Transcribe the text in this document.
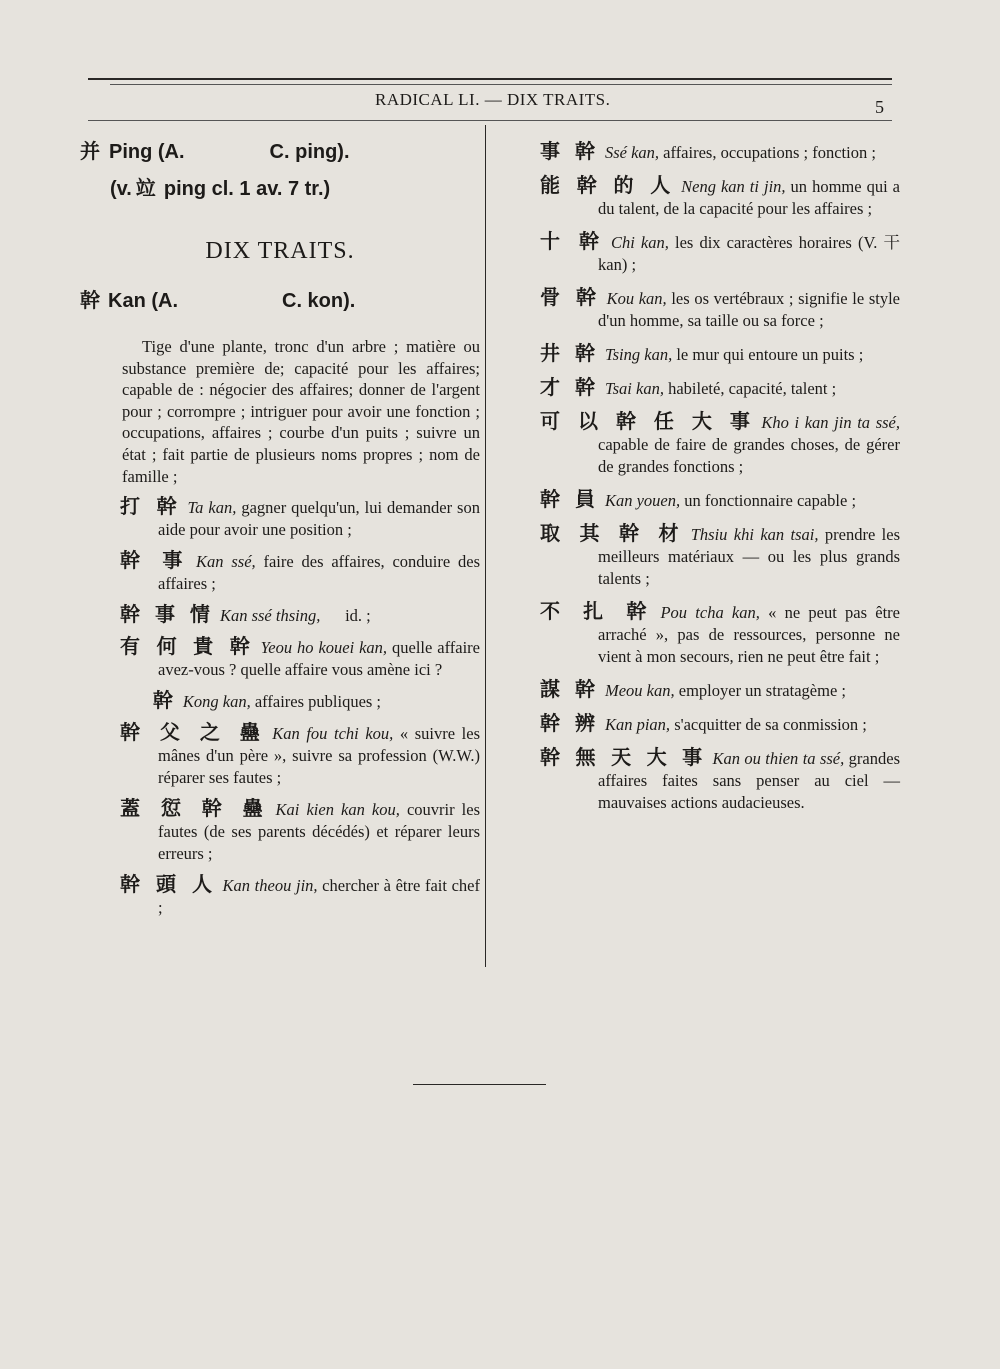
RADICAL LI. — DIX TRAITS.	5
并 Ping (A.	C. ping).
(v. 竝 ping cl. 1 av. 7 tr.)
DIX TRAITS.
幹 Kan (A.	C. kon).

Tige d'une plante, tronc d'un arbre ; matière ou substance première de; capacité pour les affaires; capable de : négocier des affaires; donner de l'argent pour ; corrompre ; intriguer pour avoir une fonction ; occupations, affaires ; courbe d'un puits ; suivre un état ; fait partie de plusieurs noms propres ; nom de famille ;

打 幹 Ta kan, gagner quelqu'un, lui demander son aide pour avoir une position ;

幹 事 Kan ssé, faire des affaires, conduire des affaires ;

幹 事 情 Kan ssé thsing,      id. ;

有 何 貴 幹 Yeou ho kouei kan, quelle affaire avez-vous ? quelle affaire vous amène ici ?

幹 Kong kan, affaires publiques ;

幹 父 之 蠱 Kan fou tchi kou, « suivre les mânes d'un père », suivre sa profession (W.W.) réparer ses fautes ;

蓋 愆 幹 蠱 Kai kien kan kou, couvrir les fautes (de ses parents décédés) et réparer leurs erreurs ;

幹 頭 人 Kan theou jin, chercher à être fait chef ;

事 幹 Ssé kan, affaires, occupations ; fonction ;

能 幹 的 人 Neng kan ti jin, un homme qui a du talent, de la capacité pour les affaires ;

十 幹 Chi kan, les dix caractères horaires (V. 干 kan) ;

骨 幹 Kou kan, les os vertébraux ; signifie le style d'un homme, sa taille ou sa force ;

井 幹 Tsing kan, le mur qui entoure un puits ;

才 幹 Tsai kan, habileté, capacité, talent ;

可 以 幹 任 大 事 Kho i kan jin ta ssé, capable de faire de grandes choses, de gérer de grandes fonctions ;

幹 員 Kan youen, un fonctionnaire capable ;

取 其 幹 材 Thsiu khi kan tsai, prendre les meilleurs matériaux — ou les plus grands talents ;

不 扎 幹 Pou tcha kan, « ne peut pas être arraché », pas de ressources, personne ne vient à mon secours, rien ne peut être fait ;

謀 幹 Meou kan, employer un stratagème ;

幹 辨 Kan pian, s'acquitter de sa conmission ;

幹 無 天 大 事 Kan ou thien ta ssé, grandes affaires faites sans penser au ciel — mauvaises actions audacieuses.
